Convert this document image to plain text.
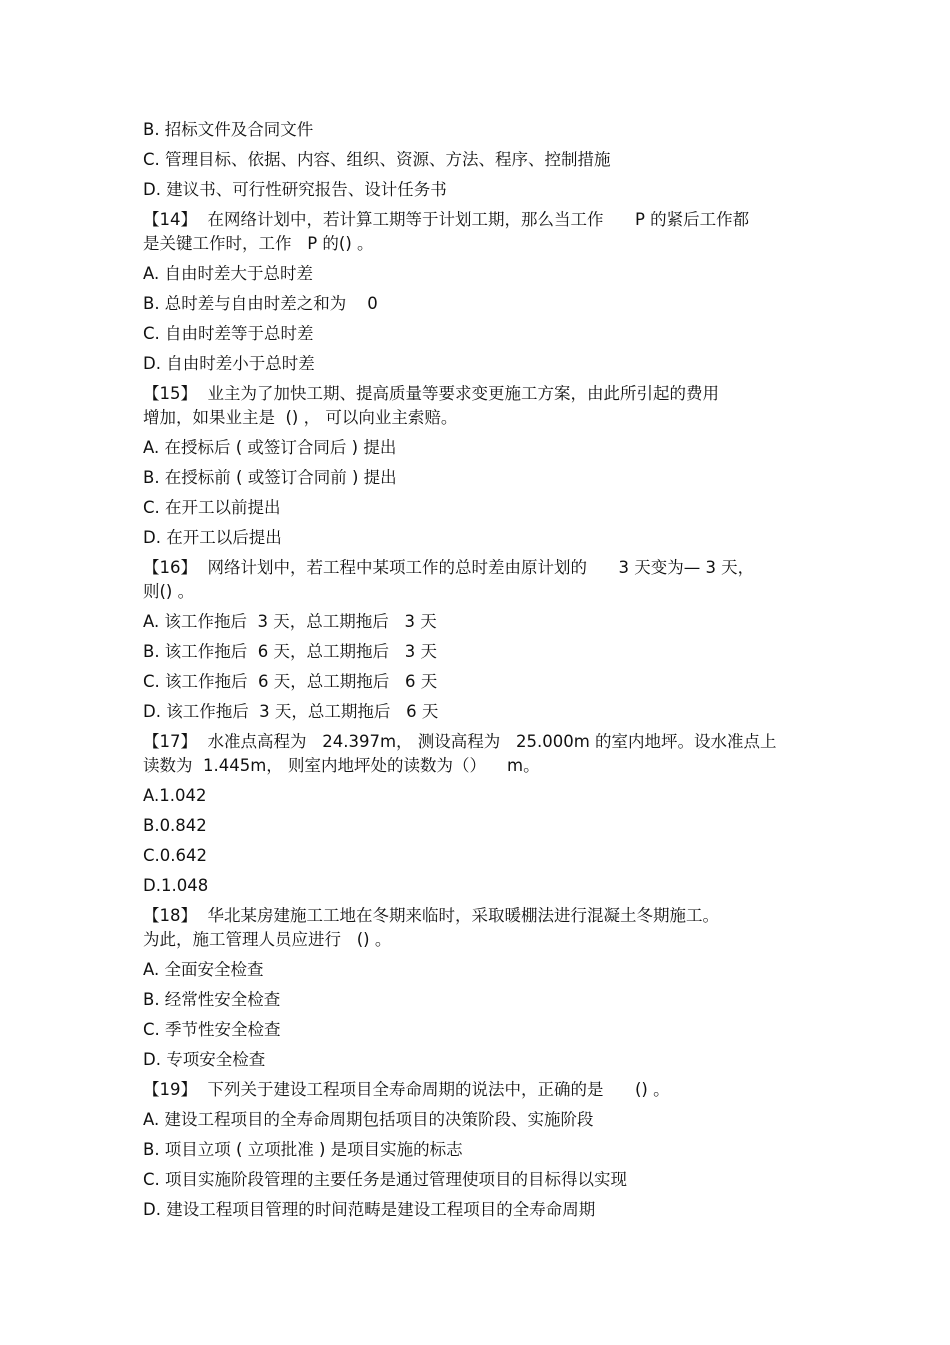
B. 招标文件及合同文件

C. 管理目标、依据、内容、组织、资源、方法、程序、控制措施

D. 建议书、可行性研究报告、设计任务书

【14】  在网络计划中，若计算工期等于计划工期，那么当工作      P 的紧后工作都

是关键工作时，工作   P 的() 。

A. 自由时差大于总时差

B. 总时差与自由时差之和为    0

C. 自由时差等于总时差

D. 自由时差小于总时差

【15】  业主为了加快工期、提高质量等要求变更施工方案，由此所引起的费用

增加，如果业主是  () ， 可以向业主索赔。

A. 在授标后 ( 或签订合同后 ) 提出

B. 在授标前 ( 或签订合同前 ) 提出

C. 在开工以前提出

D. 在开工以后提出

【16】  网络计划中，若工程中某项工作的总时差由原计划的      3 天变为— 3 天，

则() 。

A. 该工作拖后  3 天，总工期拖后   3 天

B. 该工作拖后  6 天，总工期拖后   3 天

C. 该工作拖后  6 天，总工期拖后   6 天

D. 该工作拖后  3 天，总工期拖后   6 天

【17】  水准点高程为   24.397m， 测设高程为   25.000m 的室内地坪。设水准点上

读数为  1.445m， 则室内地坪处的读数为（）    m。

A.1.042

B.0.842

C.0.642

D.1.048

【18】  华北某房建施工工地在冬期来临时，采取暖棚法进行混凝土冬期施工。

为此，施工管理人员应进行   () 。

A. 全面安全检查

B. 经常性安全检查

C. 季节性安全检查

D. 专项安全检查

【19】  下列关于建设工程项目全寿命周期的说法中，正确的是      () 。

A. 建设工程项目的全寿命周期包括项目的决策阶段、实施阶段

B. 项目立项 ( 立项批准 ) 是项目实施的标志

C. 项目实施阶段管理的主要任务是通过管理使项目的目标得以实现

D. 建设工程项目管理的时间范畴是建设工程项目的全寿命周期
